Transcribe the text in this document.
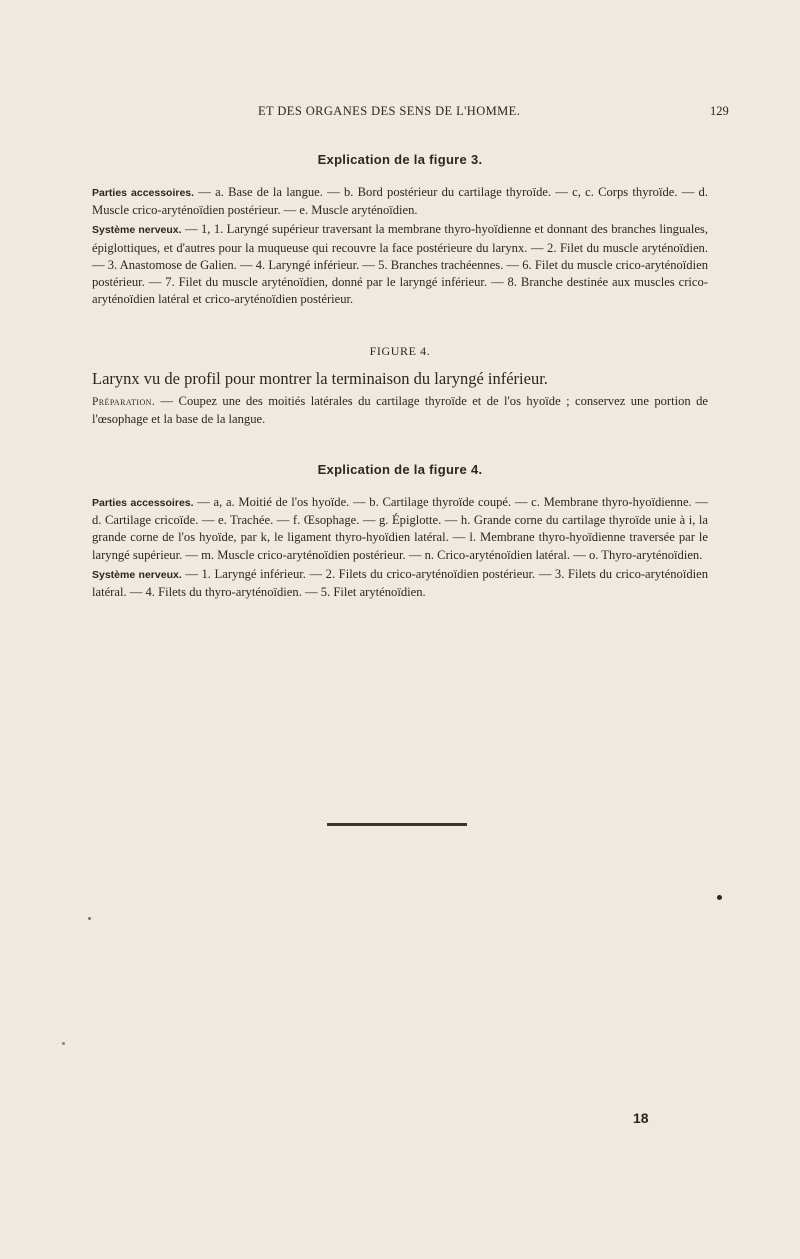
ET DES ORGANES DES SENS DE L'HOMME.	129
Explication de la figure 3.

Parties accessoires. — a. Base de la langue. — b. Bord postérieur du cartilage thyroïde. — c, c. Corps thyroïde. — d. Muscle crico-aryténoïdien postérieur. — e. Muscle aryténoïdien.

Système nerveux. — 1, 1. Laryngé supérieur traversant la membrane thyro-hyoïdienne et donnant des branches linguales, épiglottiques, et d'autres pour la muqueuse qui recouvre la face postérieure du larynx. — 2. Filet du muscle aryténoïdien. — 3. Anastomose de Galien. — 4. Laryngé inférieur. — 5. Branches trachéennes. — 6. Filet du muscle crico-aryténoïdien postérieur. — 7. Filet du muscle aryténoïdien, donné par le laryngé inférieur. — 8. Branche destinée aux muscles crico-aryténoïdien latéral et crico-aryténoïdien postérieur.

FIGURE 4.
Larynx vu de profil pour montrer la terminaison du laryngé inférieur.

Préparation. — Coupez une des moitiés latérales du cartilage thyroïde et de l'os hyoïde ; conservez une portion de l'œsophage et la base de la langue.

Explication de la figure 4.

Parties accessoires. — a, a. Moitié de l'os hyoïde. — b. Cartilage thyroïde coupé. — c. Membrane thyro-hyoïdienne. — d. Cartilage cricoïde. — e. Trachée. — f. Œsophage. — g. Épiglotte. — h. Grande corne du cartilage thyroïde unie à i, la grande corne de l'os hyoïde, par k, le ligament thyro-hyoïdien latéral. — l. Membrane thyro-hyoïdienne traversée par le laryngé supérieur. — m. Muscle crico-aryténoïdien postérieur. — n. Crico-aryténoïdien latéral. — o. Thyro-aryténoïdien.

Système nerveux. — 1. Laryngé inférieur. — 2. Filets du crico-aryténoïdien postérieur. — 3. Filets du crico-aryténoïdien latéral. — 4. Filets du thyro-aryténoïdien. — 5. Filet aryténoïdien.

18
